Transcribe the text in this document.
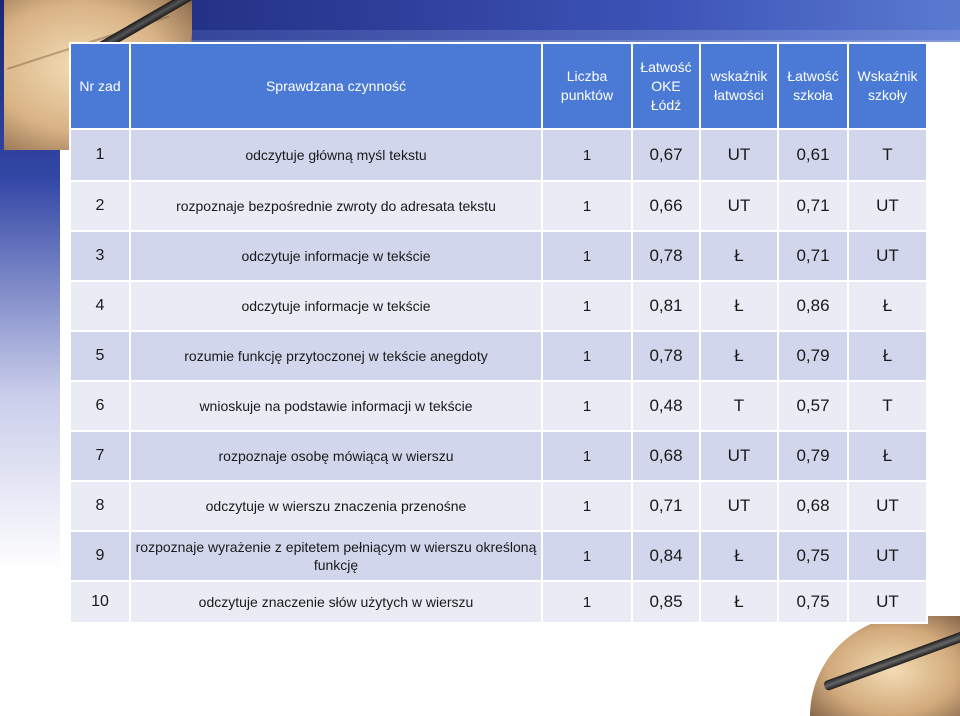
Nr zad	Sprawdzana czynność	Liczba punktów	Łatwość OKE Łódź	wskaźnik łatwości	Łatwość szkoła	Wskaźnik szkoły
1	odczytuje główną myśl tekstu	1	0,67	UT	0,61	T
2	rozpoznaje bezpośrednie zwroty do adresata tekstu	1	0,66	UT	0,71	UT
3	odczytuje informacje w tekście	1	0,78	Ł	0,71	UT
4	odczytuje informacje w tekście	1	0,81	Ł	0,86	Ł
5	rozumie funkcję przytoczonej w tekście anegdoty	1	0,78	Ł	0,79	Ł
6	wnioskuje na podstawie informacji w tekście	1	0,48	T	0,57	T
7	rozpoznaje osobę mówiącą w wierszu	1	0,68	UT	0,79	Ł
8	odczytuje w wierszu znaczenia przenośne	1	0,71	UT	0,68	UT
9	rozpoznaje wyrażenie z epitetem pełniącym w wierszu określoną funkcję	1	0,84	Ł	0,75	UT
10	odczytuje znaczenie słów użytych w wierszu	1	0,85	Ł	0,75	UT
